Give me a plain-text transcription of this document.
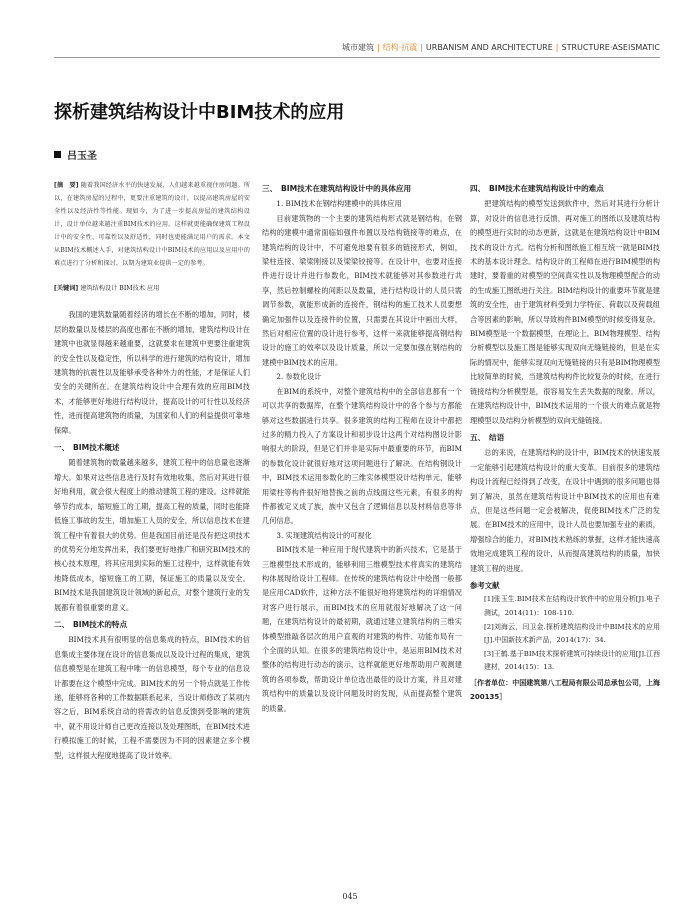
城市建筑 | 结构·抗震 | URBANISM AND ARCHITECTURE | STRUCTURE·ASEISMATIC
探析建筑结构设计中BIM技术的应用
吕玉圣

[摘　要] 随着我国经济水平的快速发展，人们越来越重视住房问题。所以，在建筑房屋的过程中，更要注重建筑的设计，以提高建筑房屋的安全性以及经济性等性能。现如今，为了进一步提高房屋的建筑结构设计，设计单位越来越注重BIM技术的应用。这样就更能确保建筑工程设计中的安全性、可靠性以及舒适性，同时也更能满足用户的需求。本文从BIM技术概述入手，对建筑结构设计中BIM技术的应用以及应用中的难点进行了分析和探讨，以期为建筑业提供一定的参考。

[关键词] 建筑结构设计 BIM技术 应用

我国的建筑数量随着经济的增长在不断的增加，同时，楼层的数量以及楼层的高度也都在不断的增加，建筑结构设计在建筑中也就显得越来越重要，这就要求在建筑中更要注重建筑的安全性以及稳定性，所以科学的进行建筑的结构设计，增加建筑物的抗震性以及能够承受各种外力的性能，才是保证人们安全的关键所在。在建筑结构设计中合理有效的应用BIM技术，才能够更好地进行结构设计，提高设计的可行性以及经济性，进而提高建筑物的质量，为国家和人们的利益提供可靠地保障。

一、　BIM技术概述

随着建筑物的数量越来越多，建筑工程中的信息量也逐渐增大。如果对这些信息进行及时有效地收集，然后对其进行很好地利用，就会很大程度上的推动建筑工程的建设。这样就能够节约成本，缩短施工的工期，提高工程的质量，同时也能降低施工事故的发生，增加施工人员的安全，所以信息技术在建筑工程中有着很大的优势。但是我国目前还是没有把这项技术的优势充分地发挥出来，我们要更好地推广和研究BIM技术的核心技术原理，将其应用到实际的施工过程中，这样就能有效地降低成本，缩短施工的工期，保证施工的质量以及安全。BIM技术是我国建筑设计领域的新起点，对整个建筑行业的发展都有着很重要的意义。

二、　BIM技术的特点

BIM技术具有很明显的信息集成的特点，BIM技术的信息集成主要体现在设计的信息集成以及设计过程的集成，建筑信息模型是在建筑工程中唯一的信息模型，每个专业的信息设计都要在这个模型中完成。BIM技术的另一个特点就是工作传递，能够将各种的工作数据联系起来，当设计师修改了某项内容之后，BIM系统自动的将需改的信息反馈到受影响的建筑中，就不用设计师自己更改连接以及处理图纸，在BIM技术进行模拟施工的时候，工程不需要因为不同的因素建立多个模型，这样很大程度地提高了设计效率。

三、　BIM技术在建筑结构设计中的具体应用

1. BIM技术在钢结构建模中的具体应用

目前建筑物的一个主要的建筑结构形式就是钢结构，在钢结构的建模中通常面临如强件布置以及结构链接等的难点，在建筑结构的设计中，不可避免地要有很多的链接形式，例如，梁柱连接、梁梁刚接以及梁梁铰接等。在设计中，也要对连接件进行设计并进行参数化，BIM技术就能够对其参数进行共享，然后控制螺栓的间距以及数量，进行结构设计的人员只需调节参数，就能形成新的连接件，钢结构的施工技术人员要想确定加强件以及连接件的位置，只需要在其设计中画出大样，然后对相应位置的设计进行参考，这样一来就能够提高钢结构设计的施工的效率以及设计质量，所以一定要加强在钢结构的建模中BIM技术的应用。

2. 参数化设计

在BIM的系统中，对整个建筑结构中的全部信息都有一个可以共享的数据库，在整个建筑结构设计中的各个参与方都能够对这些数据进行共享。很多建筑的结构工程师在设计中都把过多的精力投入了方案设计和初步设计这两个对结构图设计影响很大的阶段，但是它们并非是实际中最重要的环节，而BIM的参数化设计就很好地对这项问题进行了解决。在结构钢设计中，BIM技术运用参数化的三维实体模型设计结构单元，能够用梁柱等构件很好地替换之前的点线面这些元素，有很多的构件都被定义成了族，族中又包含了逻辑信息以及材料信息等非几何信息。

3. 实现建筑结构设计的可视化

BIM技术是一种应用于现代建筑中的新兴技术，它是基于三维模型技术形成的，能够利用三维模型技术将真实的建筑结构体展现给设计工程师。在传统的建筑结构设计中绘图一般都是应用CAD软件，这种方法不能很好地将建筑结构的详细情况对客户进行展示，而BIM技术的应用就很好地解决了这一问题，在建筑结构设计的最初期，就通过建立建筑结构的三维实体模型推敲各层次的用户直观的对建筑的构件、功能布局有一个全面的认知。在很多的建筑结构设计中，是运用BIM技术对整体的结构进行动态的演示，这样就能更好地帮助用户观测建筑的各项参数，帮助设计单位选出最佳的设计方案，并且对建筑结构中的质量以及设计问题及时的发现，从而提高整个建筑的质量。

四、　BIM技术在建筑结构设计中的难点

把建筑结构的模型发送到软件中，然后对其进行分析计算，对设计的信息进行反馈，再对施工的图纸以及建筑结构的模型进行实时的动态更新，这就是在建筑结构设计中BIM技术的设计方式。结构分析和图纸施工相互统一就是BIM技术的基本设计理念。结构设计的工程师在进行BIM模型的构建时，要着重的对模型的空间真实性以及物理模型配合的动的生成施工图纸进行关注。BIM结构设计的重要环节就是建筑的安全性，由于建筑材料受到力学特征、荷载以及荷载组合等因素的影响，所以导致构件BIM模型的时候变得复杂。BIM模型是一个数据模型，在理论上，BIM物理模型、结构分析模型以及施工图是能够实现双向无缝链接的，但是在实际的情况中，能够实现双向无缝链接的只有是BIM物理模型比较简单的时候，当建筑结构构件比较复杂的时候，在进行链接结构分析模型是，很容易发生丢失数据的现象。所以，在建筑结构设计中，BIM技术运用的一个很大的难点就是物理模型以及结构分析模型的双向无缝链接。

五、　结语

总的来说，在建筑结构的设计中，BIM技术的快速发展一定能够引起建筑结构设计的重大变革。目前很多的建筑结构设计流程已经得到了改变，在设计中遇到的很多问题也得到了解决，虽然在建筑结构设计中BIM技术的应用也有难点，但是这些问题一定会被解决，促使BIM技术广泛的发展。在BIM技术的应用中，设计人员也要加强专业的素质，增强综合的能力，对BIM技术熟练的掌握，这样才能快速高效地完成建筑工程的设计，从而提高建筑结构的质量，加快建筑工程的进度。

参考文献

[1]张玉生.BIM技术在结构设计软件中的应用分析[J].电子测试，2014(11)：108-110.

[2]刘海云，闫卫金.探析建筑结构设计中BIM技术的应用[J].中国新技术新产品，2014(17)：34.

[3]王鹤.基于BIM技术探析建筑可持续设计的应用[J].江西建材，2014(15)：13.

［作者单位：中国建筑第八工程局有限公司总承包公司，上海 200135］

045
